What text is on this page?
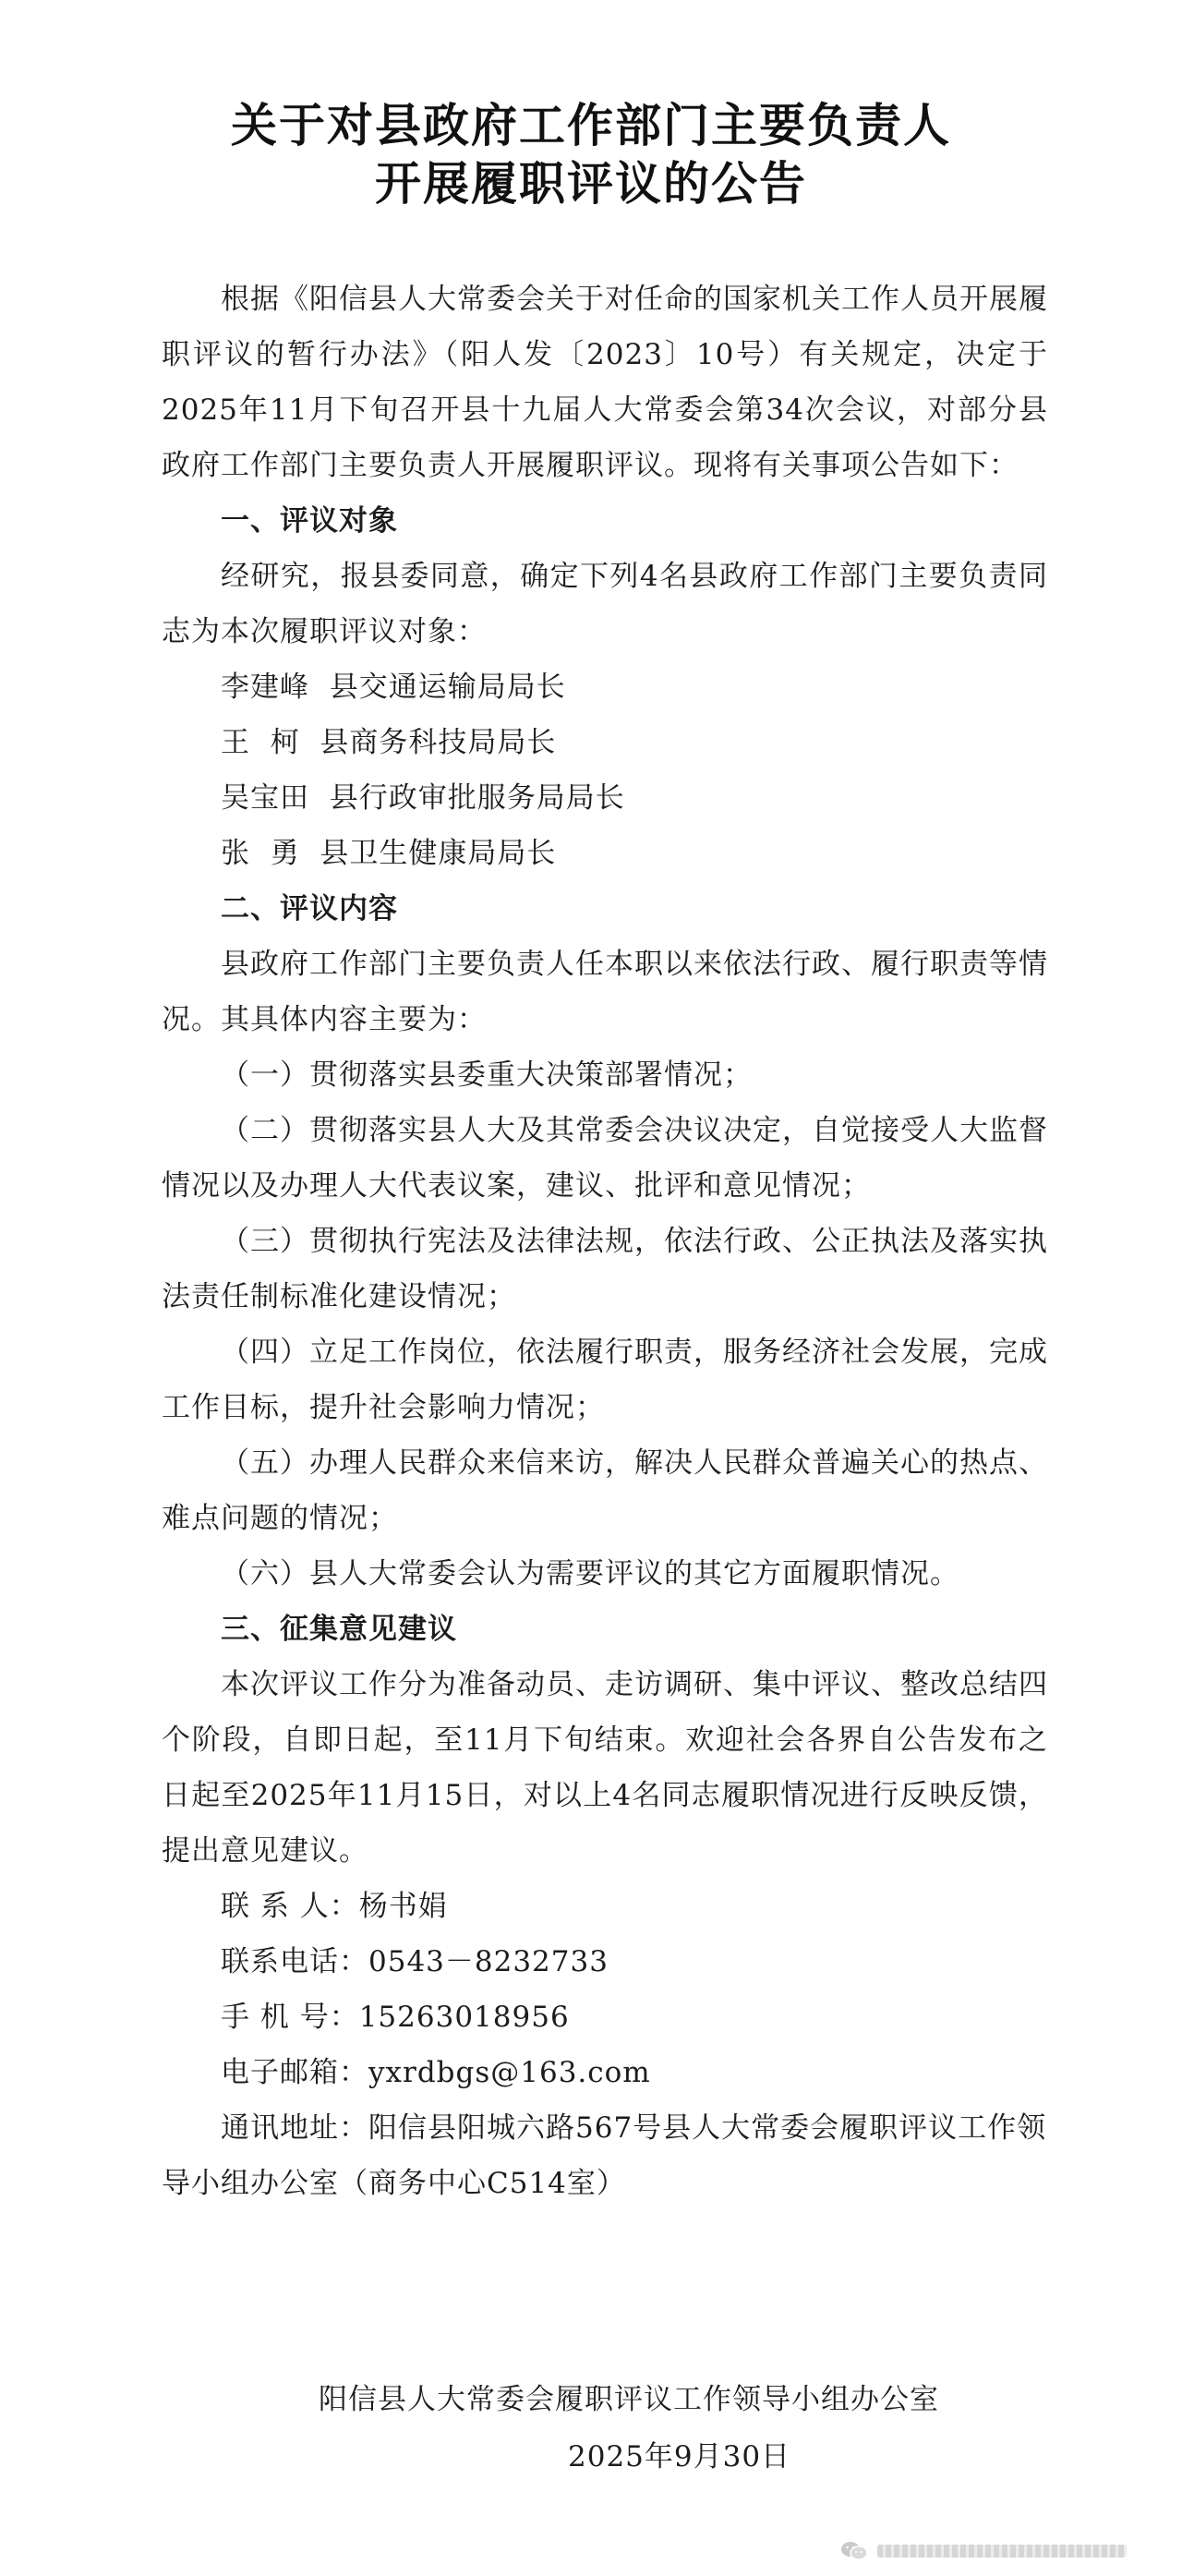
关于对县政府工作部门主要负责人
开展履职评议的公告

根据《阳信县人大常委会关于对任命的国家机关工作人员开展履职评议的暂行办法》（阳人发〔2023〕10号）有关规定，决定于2025年11月下旬召开县十九届人大常委会第34次会议，对部分县政府工作部门主要负责人开展履职评议。现将有关事项公告如下：

一、评议对象

经研究，报县委同意，确定下列4名县政府工作部门主要负责同志为本次履职评议对象：

李建峰  县交通运输局局长
王  柯  县商务科技局局长
吴宝田  县行政审批服务局局长
张  勇  县卫生健康局局长
二、评议内容

县政府工作部门主要负责人任本职以来依法行政、履行职责等情况。其具体内容主要为：

（一）贯彻落实县委重大决策部署情况；

（二）贯彻落实县人大及其常委会决议决定，自觉接受人大监督情况以及办理人大代表议案，建议、批评和意见情况；

（三）贯彻执行宪法及法律法规，依法行政、公正执法及落实执法责任制标准化建设情况；

（四）立足工作岗位，依法履行职责，服务经济社会发展，完成工作目标，提升社会影响力情况；

（五）办理人民群众来信来访，解决人民群众普遍关心的热点、难点问题的情况；

（六）县人大常委会认为需要评议的其它方面履职情况。

三、征集意见建议

本次评议工作分为准备动员、走访调研、集中评议、整改总结四个阶段，自即日起，至11月下旬结束。欢迎社会各界自公告发布之日起至2025年11月15日，对以上4名同志履职情况进行反映反馈，提出意见建议。

联 系 人：杨书娟
联系电话：0543－8232733
手 机 号：15263018956
电子邮箱：yxrdbgs@163.com
通讯地址：阳信县阳城六路567号县人大常委会履职评议工作领导小组办公室（商务中心C514室）
阳信县人大常委会履职评议工作领导小组办公室
2025年9月30日
